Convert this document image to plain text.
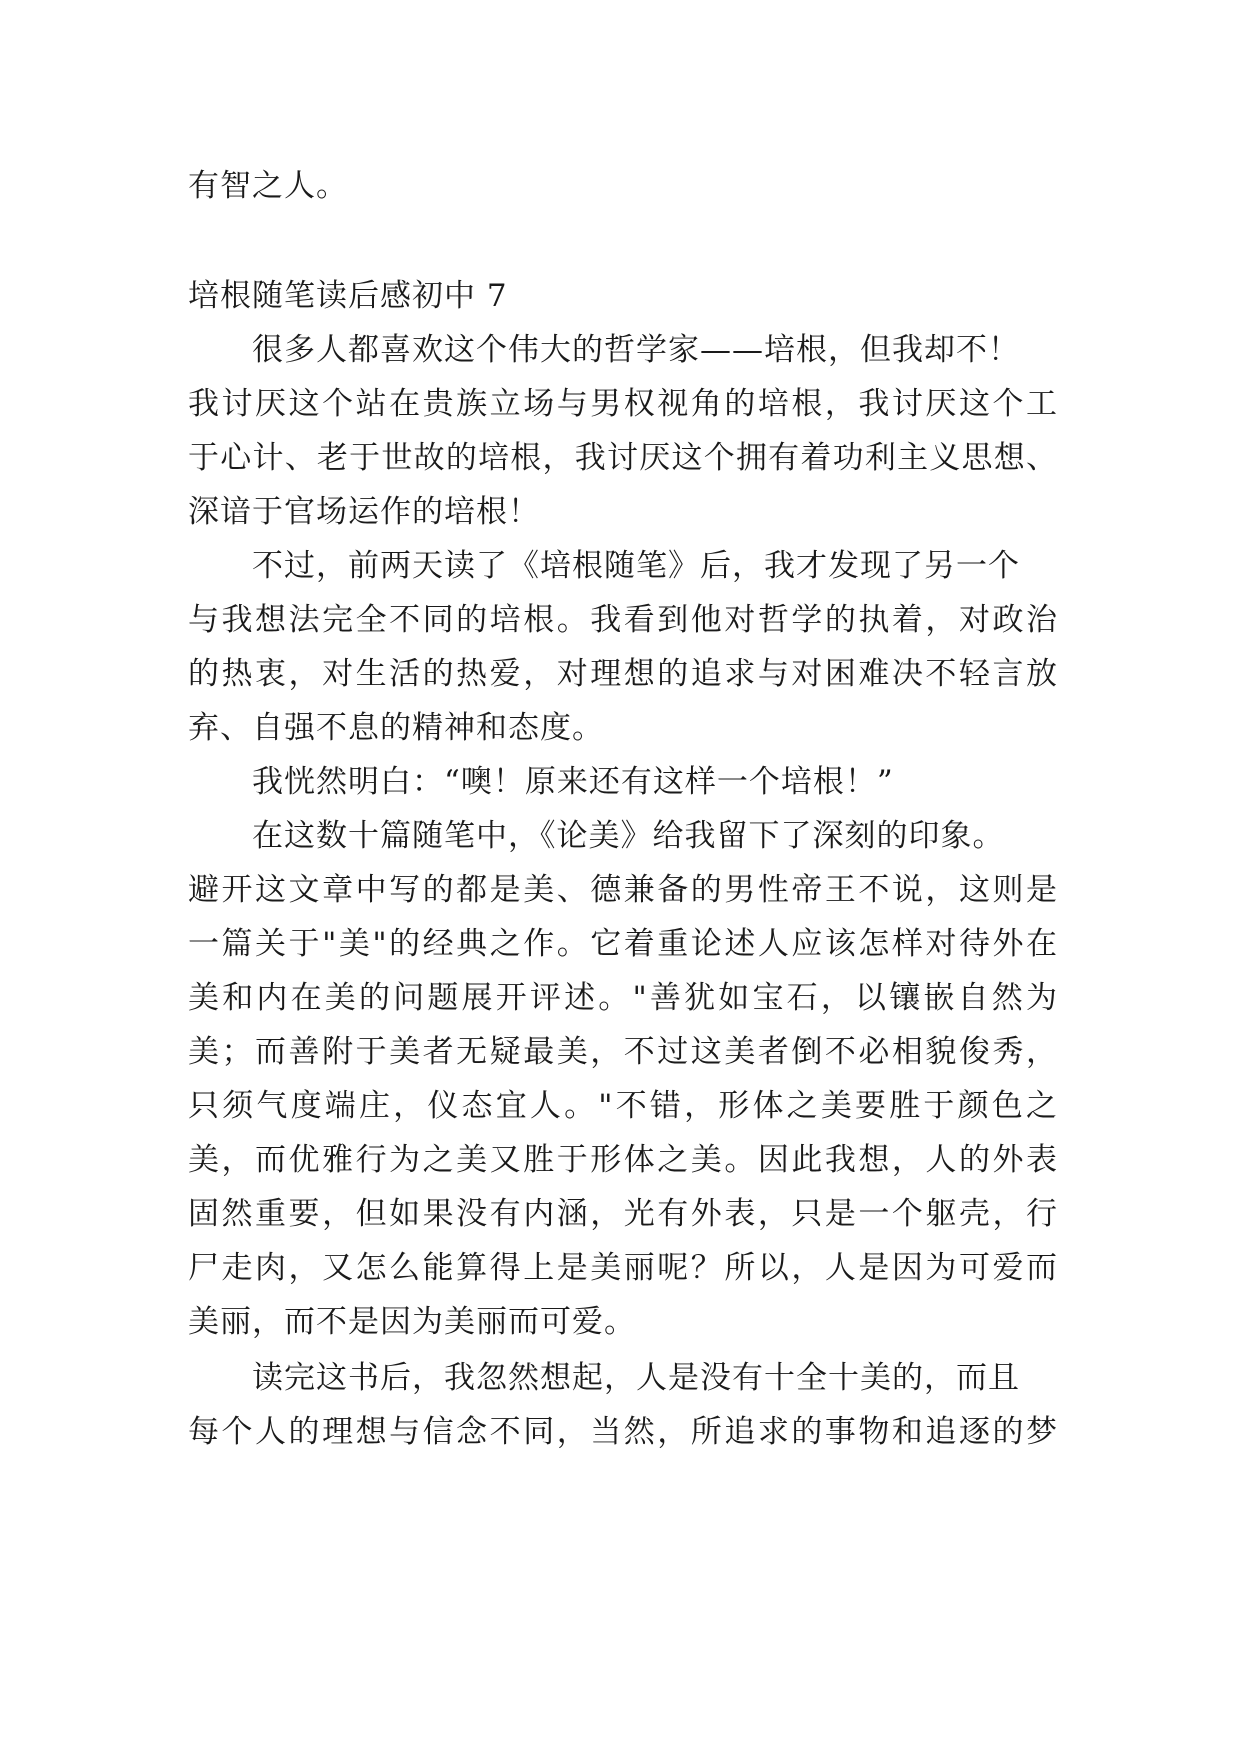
有智之人。
培根随笔读后感初中 7
　　很多人都喜欢这个伟大的哲学家——培根，但我却不！
我讨厌这个站在贵族立场与男权视角的培根，我讨厌这个工
于心计、老于世故的培根，我讨厌这个拥有着功利主义思想、
深谙于官场运作的培根！
　　不过，前两天读了《培根随笔》后，我才发现了另一个
与我想法完全不同的培根。我看到他对哲学的执着，对政治
的热衷，对生活的热爱，对理想的追求与对困难决不轻言放
弃、自强不息的精神和态度。
　　我恍然明白：“噢！原来还有这样一个培根！”
　　在这数十篇随笔中，《论美》给我留下了深刻的印象。
避开这文章中写的都是美、德兼备的男性帝王不说，这则是
一篇关于"美"的经典之作。它着重论述人应该怎样对待外在
美和内在美的问题展开评述。"善犹如宝石，以镶嵌自然为
美；而善附于美者无疑最美，不过这美者倒不必相貌俊秀，
只须气度端庄，仪态宜人。"不错，形体之美要胜于颜色之
美，而优雅行为之美又胜于形体之美。因此我想，人的外表
固然重要，但如果没有内涵，光有外表，只是一个躯壳，行
尸走肉，又怎么能算得上是美丽呢？所以，人是因为可爱而
美丽，而不是因为美丽而可爱。
　　读完这书后，我忽然想起，人是没有十全十美的，而且
每个人的理想与信念不同，当然，所追求的事物和追逐的梦
